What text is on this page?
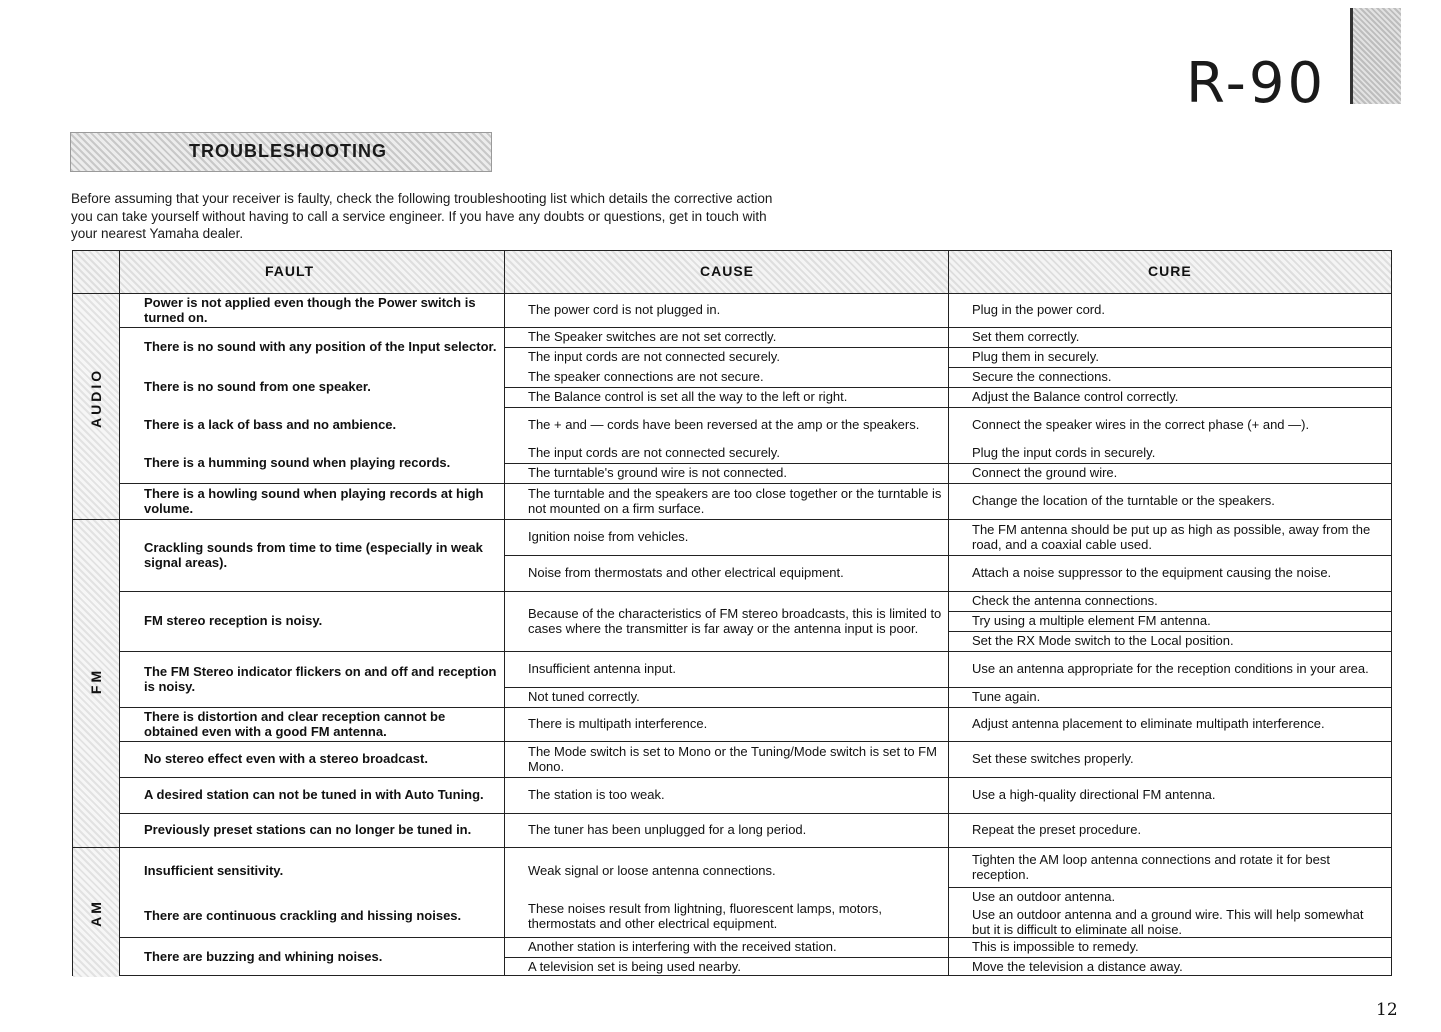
R-90
TROUBLESHOOTING
Before assuming that your receiver is faulty, check the following troubleshooting list which details the corrective action
you can take yourself without having to call a service engineer. If you have any doubts or questions, get in touch with
your nearest Yamaha dealer.
FAULT	CAUSE	CURE
AUDIO
FM
AM
Power is not applied even though the Power switch is turned on.
There is no sound with any position of the Input selector.
There is no sound from one speaker.
There is a lack of bass and no ambience.
There is a humming sound when playing records.
There is a howling sound when playing records at high volume.
Crackling sounds from time to time (especially in weak signal areas).
FM stereo reception is noisy.
The FM Stereo indicator flickers on and off and reception is noisy.
There is distortion and clear reception cannot be obtained even with a good FM antenna.
No stereo effect even with a stereo broadcast.
A desired station can not be tuned in with Auto Tuning.
Previously preset stations can no longer be tuned in.
Insufficient sensitivity.
There are continuous crackling and hissing noises.
There are buzzing and whining noises.
The power cord is not plugged in.
The Speaker switches are not set correctly.
The input cords are not connected securely.
The speaker connections are not secure.
The Balance control is set all the way to the left or right.
The + and — cords have been reversed at the amp or the speakers.
The input cords are not connected securely.
The turntable's ground wire is not connected.
The turntable and the speakers are too close together or the turntable is not mounted on a firm surface.
Ignition noise from vehicles.
Noise from thermostats and other electrical equipment.
Because of the characteristics of FM stereo broadcasts, this is limited to cases where the transmitter is far away or the antenna input is poor.
Insufficient antenna input.
Not tuned correctly.
There is multipath interference.
The Mode switch is set to Mono or the Tuning/Mode switch is set to FM Mono.
The station is too weak.
The tuner has been unplugged for a long period.
Weak signal or loose antenna connections.
These noises result from lightning, fluorescent lamps, motors, thermostats and other electrical equipment.
Another station is interfering with the received station.
A television set is being used nearby.
Plug in the power cord.
Set them correctly.
Plug them in securely.
Secure the connections.
Adjust the Balance control correctly.
Connect the speaker wires in the correct phase (+ and —).
Plug the input cords in securely.
Connect the ground wire.
Change the location of the turntable or the speakers.
The FM antenna should be put up as high as possible, away from the road, and a coaxial cable used.
Attach a noise suppressor to the equipment causing the noise.
Check the antenna connections.
Try using a multiple element FM antenna.
Set the RX Mode switch to the Local position.
Use an antenna appropriate for the reception conditions in your area.
Tune again.
Adjust antenna placement to eliminate multipath interference.
Set these switches properly.
Use a high-quality directional FM antenna.
Repeat the preset procedure.
Tighten the AM loop antenna connections and rotate it for best reception.
Use an outdoor antenna.
Use an outdoor antenna and a ground wire. This will help somewhat but it is difficult to eliminate all noise.
This is impossible to remedy.
Move the television a distance away.
12
